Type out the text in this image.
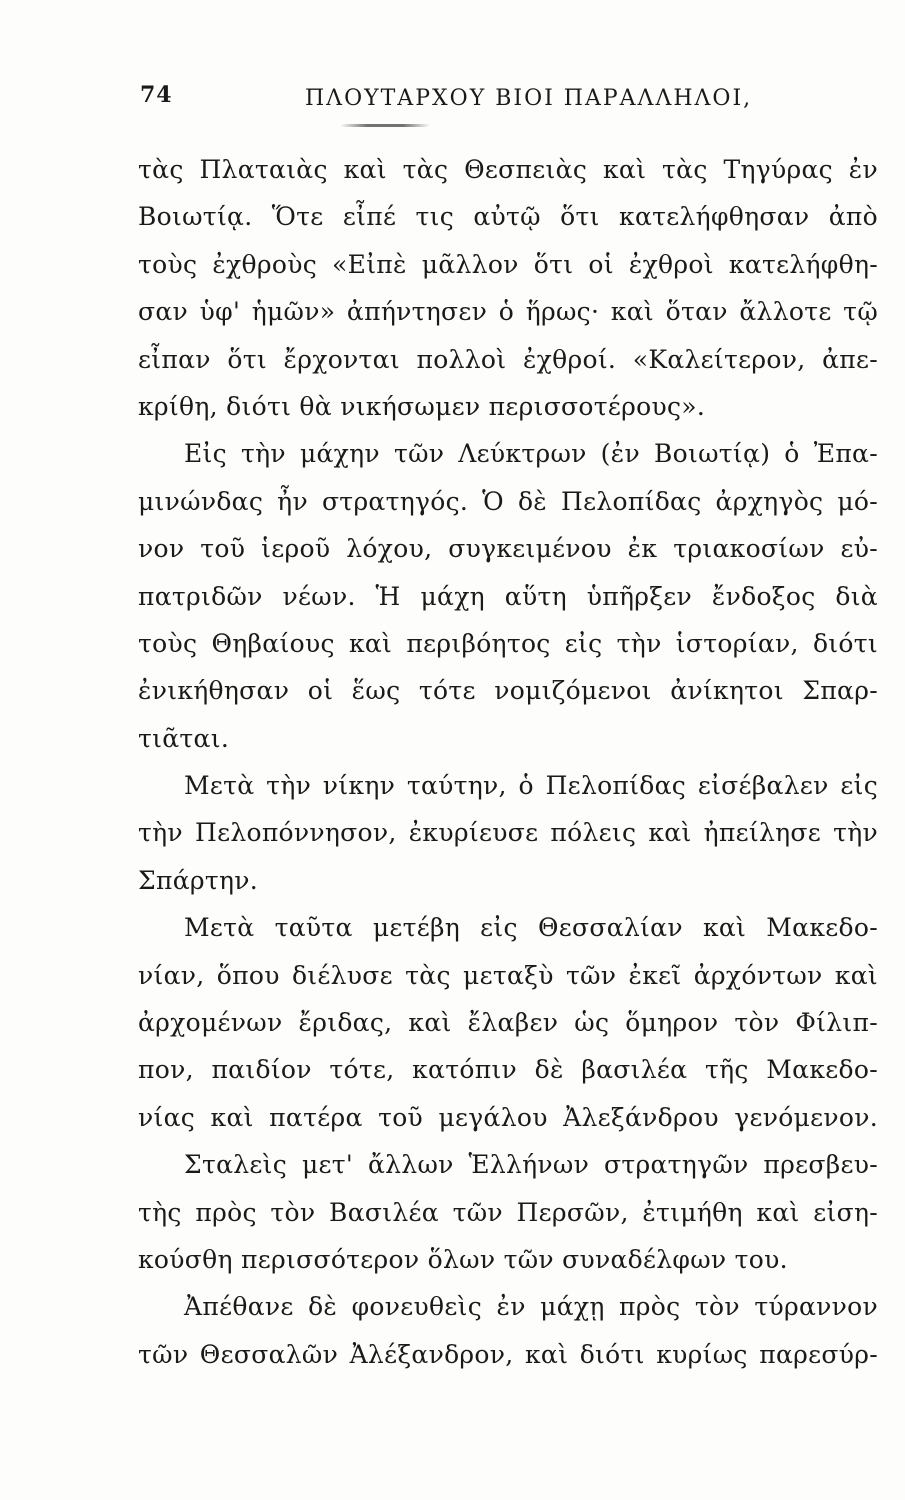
74	ΠΛΟΥΤΑΡΧΟΥ ΒΙΟΙ ΠΑΡΑΛΛΗΛΟΙ,
τὰς Πλαταιὰς καὶ τὰς Θεσπειὰς καὶ τὰς Τηγύρας ἐν
Βοιωτίᾳ. Ὅτε εἶπέ τις αὐτῷ ὅτι κατελήφθησαν ἀπὸ
τοὺς ἐχθροὺς «Εἰπὲ μᾶλλον ὅτι οἱ ἐχθροὶ κατελήφθη-
σαν ὑφ' ἡμῶν» ἀπήντησεν ὁ ἥρως· καὶ ὅταν ἄλλοτε τῷ
εἶπαν ὅτι ἔρχονται πολλοὶ ἐχθροί. «Καλείτερον, ἀπε-
κρίθη, διότι θὰ νικήσωμεν περισσοτέρους».
Εἰς τὴν μάχην τῶν Λεύκτρων (ἐν Βοιωτίᾳ) ὁ Ἐπα-
μινώνδας ἦν στρατηγός. Ὁ δὲ Πελοπίδας ἀρχηγὸς μό-
νον τοῦ ἱεροῦ λόχου, συγκειμένου ἐκ τριακοσίων εὐ-
πατριδῶν νέων. Ἡ μάχη αὕτη ὑπῆρξεν ἔνδοξος διὰ
τοὺς Θηβαίους καὶ περιβόητος εἰς τὴν ἱστορίαν, διότι
ἐνικήθησαν οἱ ἕως τότε νομιζόμενοι ἀνίκητοι Σπαρ-
τιᾶται.
Μετὰ τὴν νίκην ταύτην, ὁ Πελοπίδας εἰσέβαλεν εἰς
τὴν Πελοπόννησον, ἐκυρίευσε πόλεις καὶ ἠπείλησε τὴν
Σπάρτην.
Μετὰ ταῦτα μετέβη εἰς Θεσσαλίαν καὶ Μακεδο-
νίαν, ὅπου διέλυσε τὰς μεταξὺ τῶν ἐκεῖ ἀρχόντων καὶ
ἀρχομένων ἔριδας, καὶ ἔλαβεν ὡς ὅμηρον τὸν Φίλιπ-
πον, παιδίον τότε, κατόπιν δὲ βασιλέα τῆς Μακεδο-
νίας καὶ πατέρα τοῦ μεγάλου Ἀλεξάνδρου γενόμενον.
Σταλεὶς μετ' ἄλλων Ἑλλήνων στρατηγῶν πρεσβευ-
τὴς πρὸς τὸν Βασιλέα τῶν Περσῶν, ἐτιμήθη καὶ εἰση-
κούσθη περισσότερον ὅλων τῶν συναδέλφων του.
Ἀπέθανε δὲ φονευθεὶς ἐν μάχῃ πρὸς τὸν τύραννον
τῶν Θεσσαλῶν Ἀλέξανδρον, καὶ διότι κυρίως παρεσύρ-
